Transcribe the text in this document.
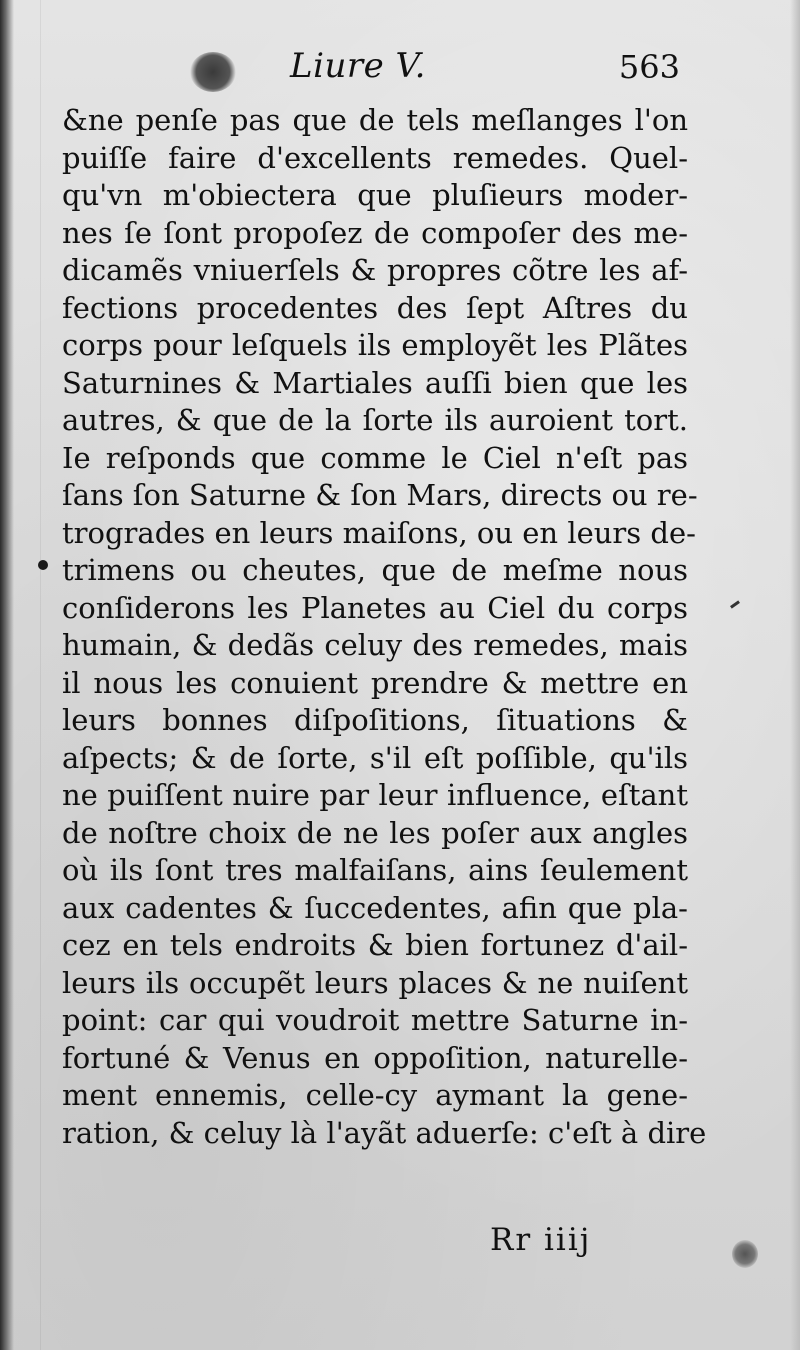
Liure V.	563
&ne penſe pas que de tels meſlanges l'on
puiſſe faire d'excellents remedes. Quel-
qu'vn m'obiectera que pluſieurs moder-
nes ſe ſont propoſez de compoſer des me-
dicamẽs vniuerſels & propres cõtre les af-
fections procedentes des ſept Aſtres du
corps pour leſquels ils employẽt les Plãtes
Saturnines & Martiales auſſi bien que les
autres, & que de la ſorte ils auroient tort.
Ie reſponds que comme le Ciel n'eſt pas
ſans ſon Saturne & ſon Mars, directs ou re-
trogrades en leurs maiſons, ou en leurs de-
trimens ou cheutes, que de meſme nous
conſiderons les Planetes au Ciel du corps
humain, & dedãs celuy des remedes, mais
il nous les conuient prendre & mettre en
leurs bonnes diſpoſitions, ſituations &
aſpects; & de ſorte, s'il eſt poſſible, qu'ils
ne puiſſent nuire par leur influence, eſtant
de noſtre choix de ne les poſer aux angles
où ils ſont tres malfaiſans, ains ſeulement
aux cadentes & ſuccedentes, afin que pla-
cez en tels endroits & bien fortunez d'ail-
leurs ils occupẽt leurs places & ne nuiſent
point: car qui voudroit mettre Saturne in-
fortuné & Venus en oppoſition, naturelle-
ment ennemis, celle-cy aymant la gene-
ration, & celuy là l'ayãt aduerſe: c'eſt à dire
Rr iiij
